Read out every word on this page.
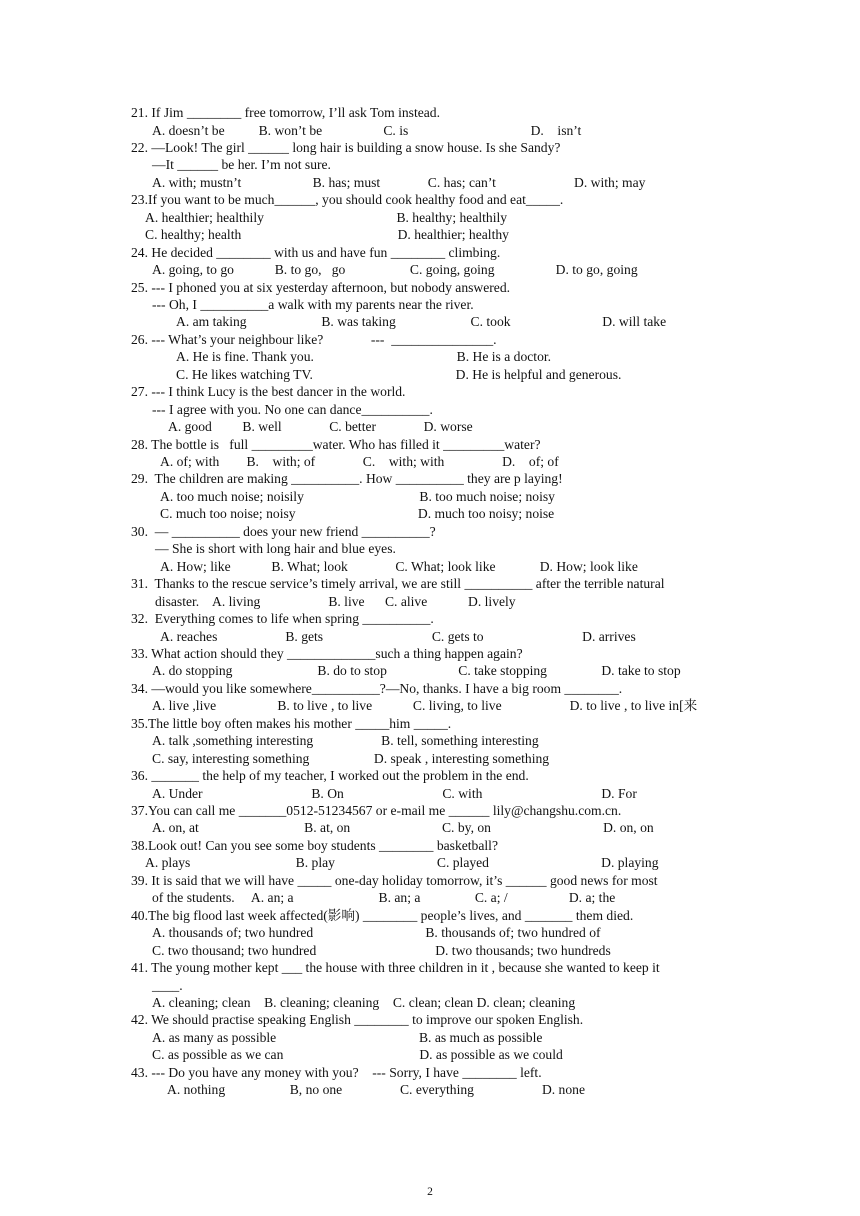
21. If Jim ________ free tomorrow, I’ll ask Tom instead.
A. doesn’t be          B. won’t be                  C. is                                    D.    isn’t
22. —Look! The girl ______ long hair is building a snow house. Is she Sandy?
—It ______ be her. I’m not sure.
A. with; mustn’t                     B. has; must              C. has; can’t                       D. with; may
23.If you want to be much______, you should cook healthy food and eat_____.
A. healthier; healthily                                       B. healthy; healthily
C. healthy; health                                              D. healthier; healthy
24. He decided ________ with us and have fun ________ climbing.
A. going, to go            B. to go,   go                   C. going, going                  D. to go, going
25. --- I phoned you at six yesterday afternoon, but nobody answered.
--- Oh, I __________a walk with my parents near the river.
A. am taking                      B. was taking                      C. took                           D. will take
26. --- What’s your neighbour like?              ---  _______________.
A. He is fine. Thank you.                                          B. He is a doctor.
C. He likes watching TV.                                          D. He is helpful and generous.
27. --- I think Lucy is the best dancer in the world.
--- I agree with you. No one can dance__________.
A. good         B. well              C. better              D. worse
28. The bottle is   full _________water. Who has filled it _________water?
A. of; with        B.    with; of              C.    with; with                 D.    of; of
29.  The children are making __________. How __________ they are p laying!
A. too much noise; noisily                                  B. too much noise; noisy
C. much too noise; noisy                                    D. much too noisy; noise
30.  — __________ does your new friend __________?
— She is short with long hair and blue eyes.
A. How; like            B. What; look              C. What; look like             D. How; look like
31.  Thanks to the rescue service’s timely arrival, we are still __________ after the terrible natural
disaster.    A. living                    B. live      C. alive            D. lively
32.  Everything comes to life when spring __________.
A. reaches                    B. gets                                C. gets to                             D. arrives
33. What action should they _____________such a thing happen again?
A. do stopping                         B. do to stop                     C. take stopping                D. take to stop
34. —would you like somewhere__________?—No, thanks. I have a big room ________.
A. live ,live                  B. to live , to live            C. living, to live                    D. to live , to live in[来
35.The little boy often makes his mother _____him _____.
A. talk ,something interesting                    B. tell, something interesting
C. say, interesting something                   D. speak , interesting something
36. _______ the help of my teacher, I worked out the problem in the end.
A. Under                                B. On                             C. with                                   D. For
37.You can call me _______0512-51234567 or e-mail me ______ lily@changshu.com.cn.
A. on, at                               B. at, on                           C. by, on                                 D. on, on
38.Look out! Can you see some boy students ________ basketball?
A. plays                               B. play                              C. played                                 D. playing
39. It is said that we will have _____ one-day holiday tomorrow, it’s ______ good news for most
of the students.     A. an; a                         B. an; a                C. a; /                  D. a; the
40.The big flood last week affected(影响) ________ people’s lives, and _______ them died.
A. thousands of; two hundred                                 B. thousands of; two hundred of
C. two thousand; two hundred                                   D. two thousands; two hundreds
41. The young mother kept ___ the house with three children in it , because she wanted to keep it
____.
A. cleaning; clean    B. cleaning; cleaning    C. clean; clean D. clean; cleaning
42. We should practise speaking English ________ to improve our spoken English.
A. as many as possible                                          B. as much as possible
C. as possible as we can                                        D. as possible as we could
43. --- Do you have any money with you?    --- Sorry, I have ________ left.
A. nothing                   B, no one                 C. everything                    D. none
2
